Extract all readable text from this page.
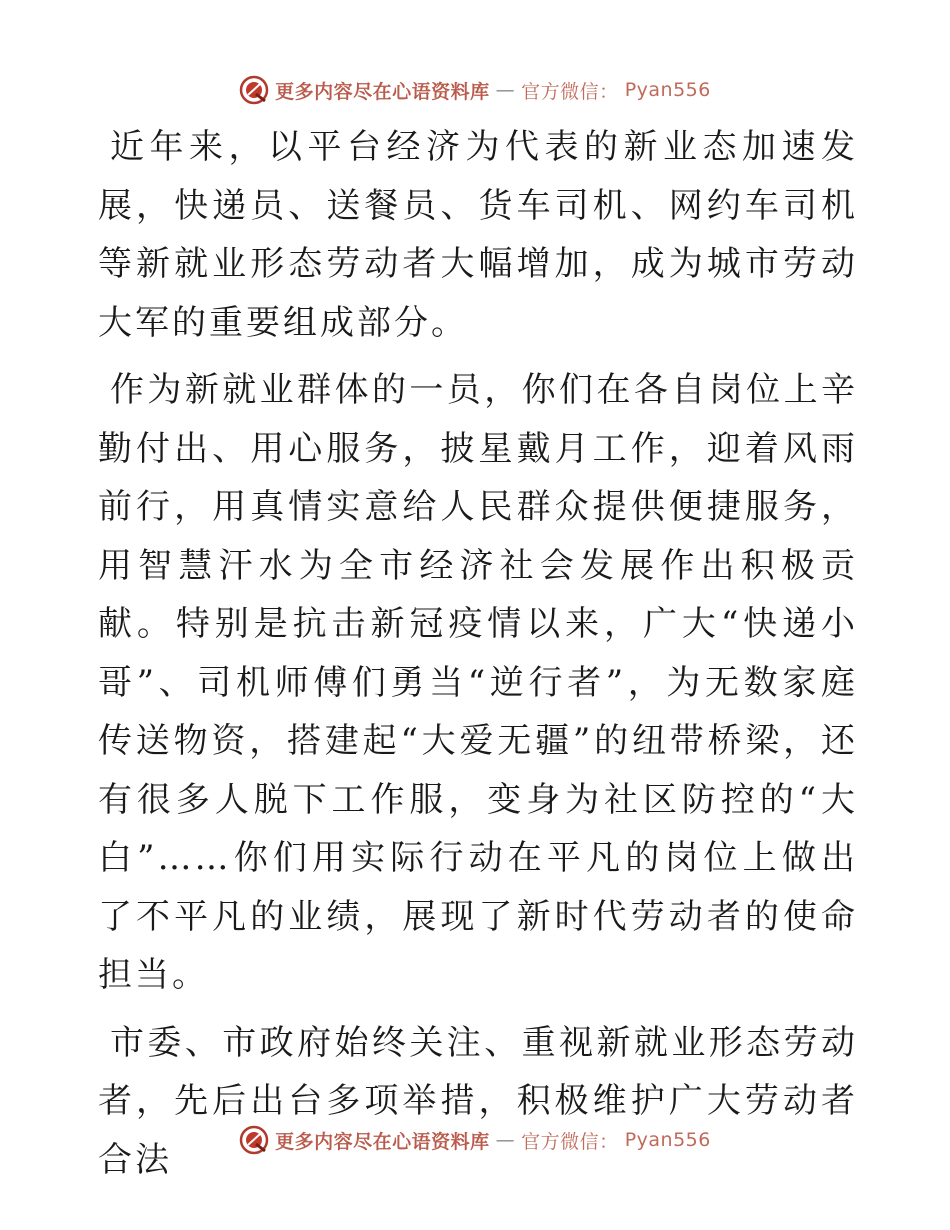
更多内容尽在心语资料库 — 官方微信： Pyan556

近年来，以平台经济为代表的新业态加速发展，快递员、送餐员、货车司机、网约车司机等新就业形态劳动者大幅增加，成为城市劳动大军的重要组成部分。

作为新就业群体的一员，你们在各自岗位上辛勤付出、用心服务，披星戴月工作，迎着风雨前行，用真情实意给人民群众提供便捷服务，用智慧汗水为全市经济社会发展作出积极贡献。特别是抗击新冠疫情以来，广大“快递小哥”、司机师傅们勇当“逆行者”，为无数家庭传送物资，搭建起“大爱无疆”的纽带桥梁，还有很多人脱下工作服，变身为社区防控的“大白”……你们用实际行动在平凡的岗位上做出了不平凡的业绩，展现了新时代劳动者的使命担当。

市委、市政府始终关注、重视新就业形态劳动者，先后出台多项举措，积极维护广大劳动者合法	更多内容尽在心语资料库 — 官方微信： Pyan556
